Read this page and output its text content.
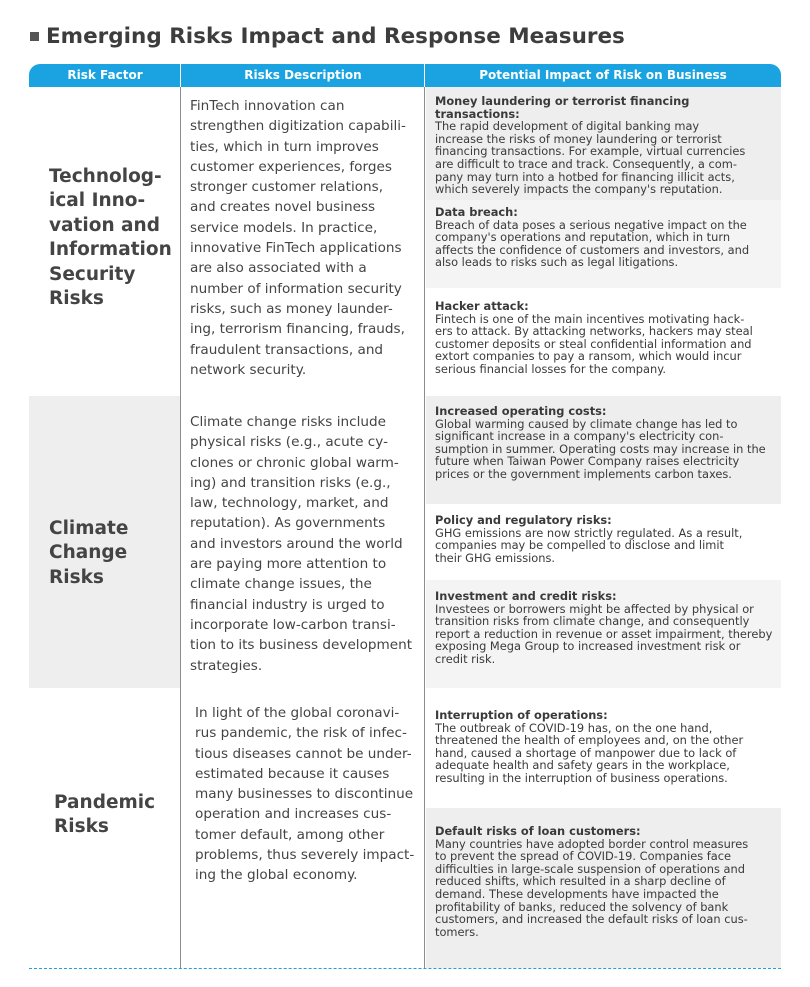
Emerging Risks Impact and Response Measures
Risk Factor	Risks Description	Potential Impact of Risk on Business
Technolog-
ical Inno-
vation and
Information
Security
Risks
FinTech innovation can
strengthen digitization capabili-
ties, which in turn improves
customer experiences, forges
stronger customer relations,
and creates novel business
service models. In practice,
innovative FinTech applications
are also associated with a
number of information security
risks, such as money launder-
ing, terrorism financing, frauds,
fraudulent transactions, and
network security.
Money laundering or terrorist financing transactions:
The rapid development of digital banking may
increase the risks of money laundering or terrorist
financing transactions. For example, virtual currencies
are difficult to trace and track. Consequently, a com-
pany may turn into a hotbed for financing illicit acts,
which severely impacts the company's reputation.
Data breach:
Breach of data poses a serious negative impact on the
company's operations and reputation, which in turn
affects the confidence of customers and investors, and
also leads to risks such as legal litigations.
Hacker attack:
Fintech is one of the main incentives motivating hack-
ers to attack. By attacking networks, hackers may steal
customer deposits or steal confidential information and
extort companies to pay a ransom, which would incur
serious financial losses for the company.
Climate
Change
Risks
Climate change risks include
physical risks (e.g., acute cy-
clones or chronic global warm-
ing) and transition risks (e.g.,
law, technology, market, and
reputation). As governments
and investors around the world
are paying more attention to
climate change issues, the
financial industry is urged to
incorporate low-carbon transi-
tion to its business development
strategies.
Increased operating costs:
Global warming caused by climate change has led to
significant increase in a company's electricity con-
sumption in summer. Operating costs may increase in the
future when Taiwan Power Company raises electricity
prices or the government implements carbon taxes.
Policy and regulatory risks:
GHG emissions are now strictly regulated. As a result,
companies may be compelled to disclose and limit
their GHG emissions.
Investment and credit risks:
Investees or borrowers might be affected by physical or
transition risks from climate change, and consequently
report a reduction in revenue or asset impairment, thereby
exposing Mega Group to increased investment risk or
credit risk.
Pandemic
Risks
In light of the global coronavi-
rus pandemic, the risk of infec-
tious diseases cannot be under-
estimated because it causes
many businesses to discontinue
operation and increases cus-
tomer default, among other
problems, thus severely impact-
ing the global economy.
Interruption of operations:
The outbreak of COVID-19 has, on the one hand,
threatened the health of employees and, on the other
hand, caused a shortage of manpower due to lack of
adequate health and safety gears in the workplace,
resulting in the interruption of business operations.
Default risks of loan customers:
Many countries have adopted border control measures
to prevent the spread of COVID-19. Companies face
difficulties in large-scale suspension of operations and
reduced shifts, which resulted in a sharp decline of
demand. These developments have impacted the
profitability of banks, reduced the solvency of bank
customers, and increased the default risks of loan cus-
tomers.
